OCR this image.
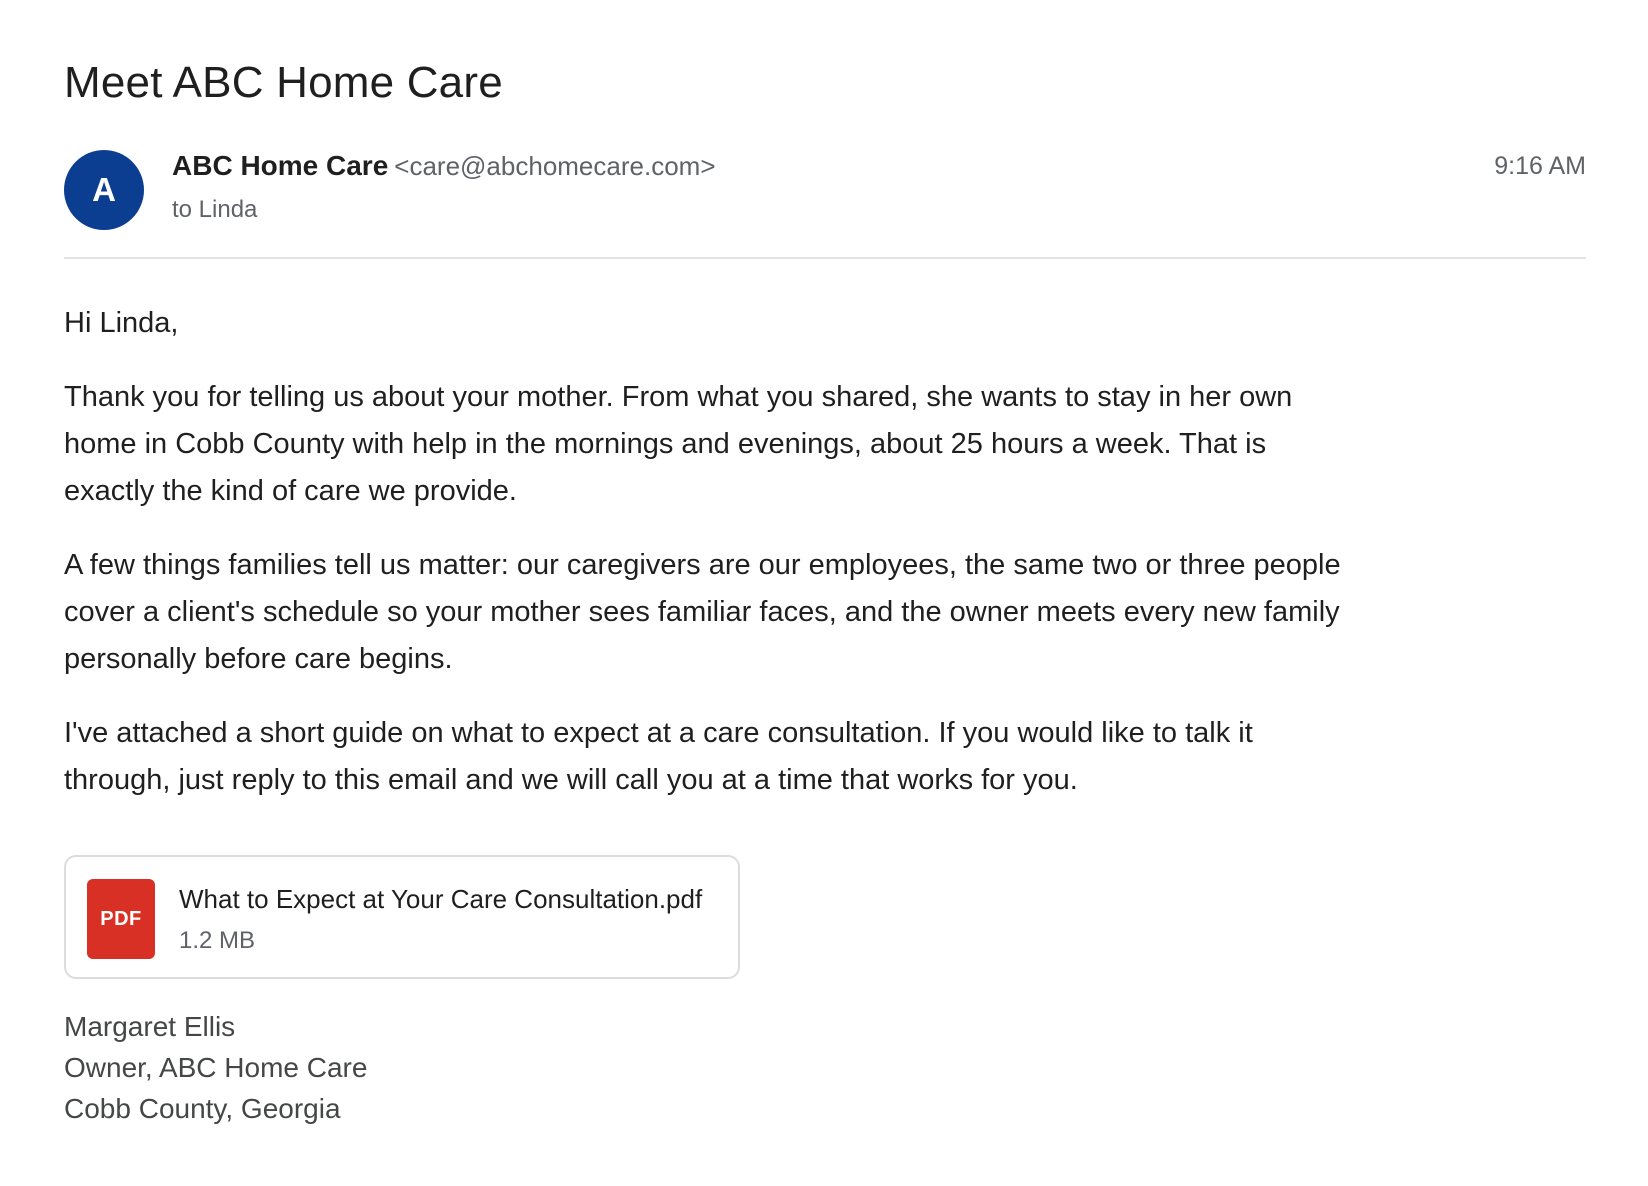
Meet ABC Home Care
A
ABC Home Care <care@abchomecare.com>
to Linda
9:16 AM

Hi Linda,

Thank you for telling us about your mother. From what you shared, she wants to stay in her own home in Cobb County with help in the mornings and evenings, about 25 hours a week. That is exactly the kind of care we provide.

A few things families tell us matter: our caregivers are our employees, the same two or three people cover a client's schedule so your mother sees familiar faces, and the owner meets every new family personally before care begins.

I've attached a short guide on what to expect at a care consultation. If you would like to talk it through, just reply to this email and we will call you at a time that works for you.

PDF
What to Expect at Your Care Consultation.pdf
1.2 MB
Margaret Ellis
Owner, ABC Home Care
Cobb County, Georgia
